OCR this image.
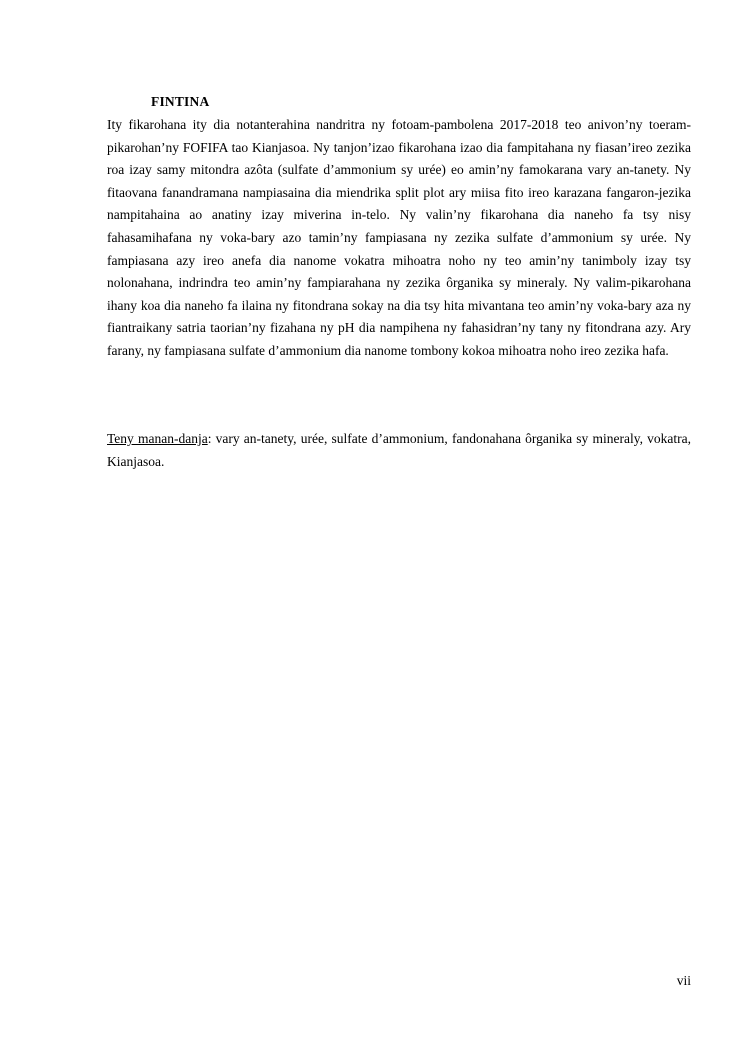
FINTINA

Ity fikarohana ity dia notanterahina nandritra ny fotoam-pambolena 2017-2018 teo anivon’ny toeram-pikarohan’ny FOFIFA tao Kianjasoa. Ny tanjon’izao fikarohana izao dia fampitahana ny fiasan’ireo zezika roa izay samy mitondra azôta (sulfate d’ammonium sy urée) eo amin’ny famokarana vary an-tanety. Ny fitaovana fanandramana nampiasaina dia miendrika split plot ary miisa fito ireo karazana fangaron-jezika nampitahaina ao anatiny izay miverina in-telo. Ny valin’ny fikarohana dia naneho fa tsy nisy fahasamihafana ny voka-bary azo tamin’ny fampiasana ny zezika sulfate d’ammonium sy urée. Ny fampiasana azy ireo anefa dia nanome vokatra mihoatra noho ny teo amin’ny tanimboly izay tsy nolonahana, indrindra teo amin’ny fampiarahana ny zezika ôrganika sy mineraly. Ny valim-pikarohana ihany koa dia naneho fa ilaina ny fitondrana sokay na dia tsy hita mivantana teo amin’ny voka-bary aza ny fiantraikany satria taorian’ny fizahana ny pH dia nampihena ny fahasidran’ny tany ny fitondrana azy. Ary farany, ny fampiasana sulfate d’ammonium dia nanome tombony kokoa mihoatra noho ireo zezika hafa.

Teny manan-danja: vary an-tanety, urée, sulfate d’ammonium, fandonahana ôrganika sy mineraly, vokatra, Kianjasoa.

vii
